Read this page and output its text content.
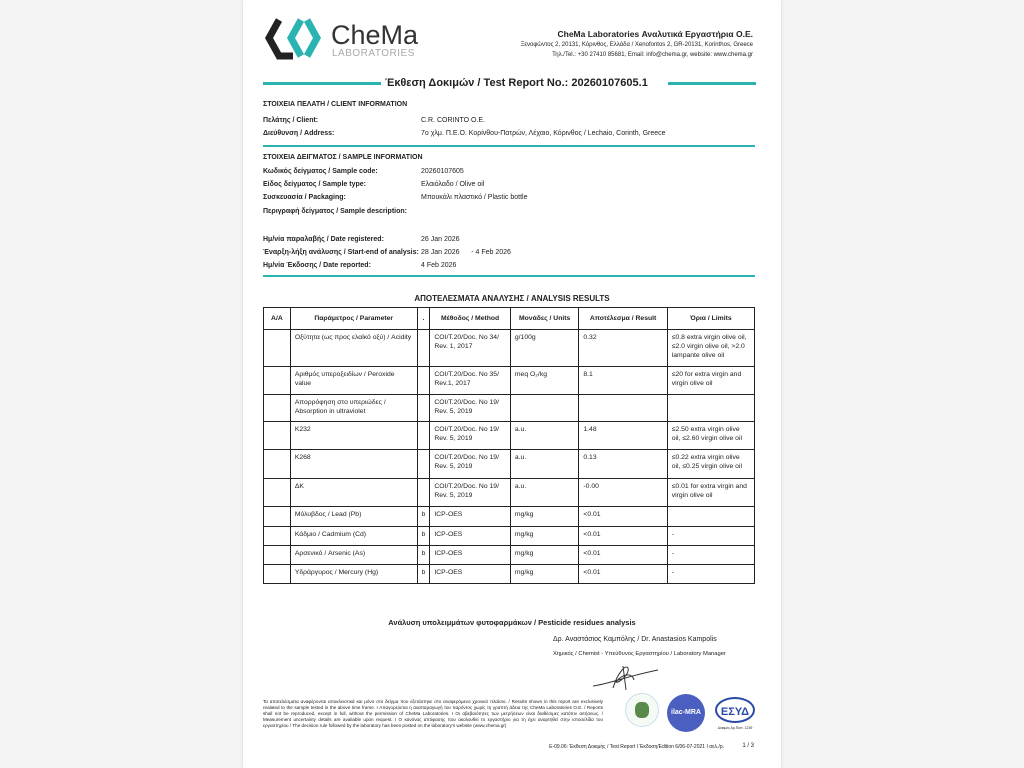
CheMa
LABORATORIES
CheMa Laboratories Αναλυτικά Εργαστήρια Ο.Ε.
Ξενοφώντος 2, 20131, Κόρινθος, Ελλάδα / Xenofontos 2, GR-20131, Korinthos, Greece
Τηλ./Tel.: +30 27410 85681, Email: info@chema.gr, website: www.chema.gr
Έκθεση Δοκιμών / Test Report No.: 20260107605.1
ΣΤΟΙΧΕΙΑ ΠΕΛΑΤΗ / CLIENT INFORMATION
Πελάτης / Client:	C.R. CORINTO O.E.
Διεύθυνση / Address:	7ο χλμ. Π.Ε.Ο. Κορίνθου-Πατρών, Λέχαιο, Κόρινθος / Lechaio, Corinth, Greece
ΣΤΟΙΧΕΙΑ ΔΕΙΓΜΑΤΟΣ / SAMPLE INFORMATION
Κωδικός δείγματος / Sample code:	20260107605
Είδος δείγματος / Sample type:	Ελαιόλαδο / Olive oil
Συσκευασία / Packaging:	Μπουκάλι πλαστικό / Plastic bottle
Περιγραφή δείγματος / Sample description:
Ημ/νία παραλαβής / Date registered:	26 Jan 2026
Έναρξη-λήξη ανάλυσης / Start-end of analysis: 28 Jan 2026      - 4 Feb 2026
Ημ/νία Έκδοσης / Date reported:	4 Feb 2026
ΑΠΟΤΕΛΕΣΜΑΤΑ ΑΝΑΛΥΣΗΣ / ANALYSIS RESULTS
Α/Α	Παράμετρος / Parameter	.	Μέθοδος / Method	Μονάδες / Units	Αποτέλεσμα / Result	Όρια / Limits
	Οξύτητα (ως προς ελαϊκό οξύ) / Acidity		COI/T.20/Doc. No 34/ Rev. 1, 2017	g/100g	0.32	≤0.8 extra virgin olive oil, ≤2.0 virgin olive oil, >2.0 lampante olive oil
	Αριθμός υπεροξειδίων / Peroxide value		COI/T.20/Doc. No 35/ Rev.1, 2017	meq O₂/kg	8.1	≤20 for extra virgin and virgin olive oil
	Απορρόφηση στο υπεριώδες / Absorption in ultraviolet		COI/T.20/Doc. No 19/ Rev. 5, 2019			
	K232		COI/T.20/Doc. No 19/ Rev. 5, 2019	a.u.	1.48	≤2.50 extra virgin olive oil, ≤2.60 virgin olive oil
	K268		COI/T.20/Doc. No 19/ Rev. 5, 2019	a.u.	0.13	≤0.22 extra virgin olive oil, ≤0.25 virgin olive oil
	ΔK		COI/T.20/Doc. No 19/ Rev. 5, 2019	a.u.	-0.00	≤0.01 for extra virgin and virgin olive oil
	Μόλυβδος / Lead (Pb)	b	ICP-OES	mg/kg	<0.01	
	Κάδμιο / Cadmium (Cd)	b	ICP-OES	mg/kg	<0.01	-
	Αρσενικό / Arsenic (As)	b	ICP-OES	mg/kg	<0.01	-
	Υδράργυρος / Mercury (Hg)	b	ICP-OES	mg/kg	<0.01	-
Ανάλυση υπολειμμάτων φυτοφαρμάκων / Pesticide residues analysis
Δρ. Αναστάσιος Καμπόλης / Dr. Anastasios Kampolis
Χημικός / Chemist - Υπεύθυνος Εργαστηρίου / Laboratory Manager
Τα αποτελέσματα αναφέρονται αποκλειστικά και μόνο στο δείγμα που εξετάστηκε στο αναφερόμενο χρονικό πλαίσιο. / Results shown in this report are exclusively realated to the sample tested in the above time frame. I Απαγορεύεται η αναπαραγωγή του παρόντος χωρίς τη γραπτή άδεια της CheMa Laboratories O.E. / Reports shall not be reproduced, except in full, without the permission of CheMa Laboratories. I Οι αβεβαιότητες των μετρήσεων είναι διαθέσιμες κατόπιν αιτήσεως. / Measurement uncertainty details are available upon request. I O κανόνας απόφασης που ακολουθεί το εργαστήριο για τη έχει αναρτηθεί στην ιστοσελίδα του εργαστηρίου / The decision rule followed by the laboratory has been posted on the laboratory's website (www.chema.gr)
ilac-MRA	ΕΣΥΔ
Δοκιμές Αρ.Πιστ. 1239
E-09.06: Έκθεση Δοκιμής / Test Report I Έκδοση/Edition 6/06-07-2021 I σελ./p.	1 / 3
